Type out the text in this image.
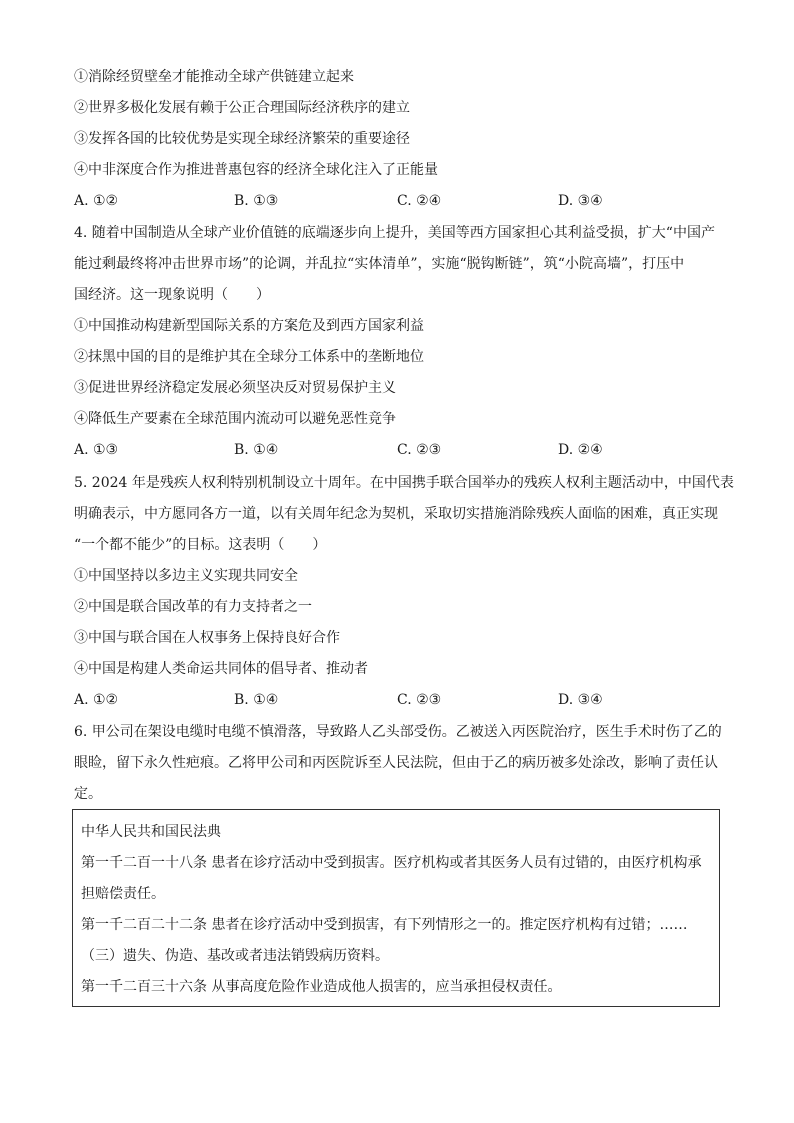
①消除经贸壁垒才能推动全球产供链建立起来
②世界多极化发展有赖于公正合理国际经济秩序的建立
③发挥各国的比较优势是实现全球经济繁荣的重要途径
④中非深度合作为推进普惠包容的经济全球化注入了正能量
A. ①②	B. ①③	C. ②④	D. ③④
4. 随着中国制造从全球产业价值链的底端逐步向上提升，美国等西方国家担心其利益受损，扩大“中国产
能过剩最终将冲击世界市场”的论调，并乱拉“实体清单”，实施“脱钩断链”，筑“小院高墙”，打压中
国经济。这一现象说明（　　）
①中国推动构建新型国际关系的方案危及到西方国家利益
②抹黑中国的目的是维护其在全球分工体系中的垄断地位
③促进世界经济稳定发展必须坚决反对贸易保护主义
④降低生产要素在全球范围内流动可以避免恶性竞争
A. ①③	B. ①④	C. ②③	D. ②④
5. 2024 年是残疾人权利特别机制设立十周年。在中国携手联合国举办的残疾人权利主题活动中，中国代表
明确表示，中方愿同各方一道，以有关周年纪念为契机，采取切实措施消除残疾人面临的困难，真正实现
“一个都不能少”的目标。这表明（　　）
①中国坚持以多边主义实现共同安全
②中国是联合国改革的有力支持者之一
③中国与联合国在人权事务上保持良好合作
④中国是构建人类命运共同体的倡导者、推动者
A. ①②	B. ①④	C. ②③	D. ③④
6. 甲公司在架设电缆时电缆不慎滑落，导致路人乙头部受伤。乙被送入丙医院治疗，医生手术时伤了乙的
眼睑，留下永久性疤痕。乙将甲公司和丙医院诉至人民法院，但由于乙的病历被多处涂改，影响了责任认
定。
中华人民共和国民法典
第一千二百一十八条 患者在诊疗活动中受到损害。医疗机构或者其医务人员有过错的，由医疗机构承
担赔偿责任。
第一千二百二十二条 患者在诊疗活动中受到损害，有下列情形之一的。推定医疗机构有过错；……
（三）遗失、伪造、基改或者违法销毁病历资料。
第一千二百三十六条 从事高度危险作业造成他人损害的，应当承担侵权责任。
